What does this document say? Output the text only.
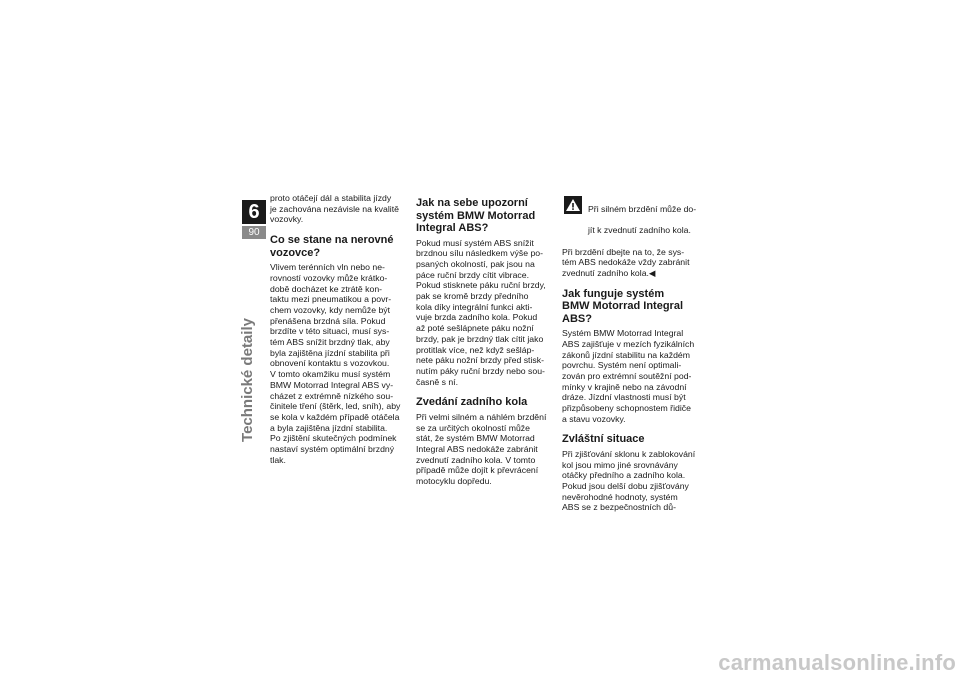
6
90
Technické detaily

proto otáčejí dál a stabilita jízdy
je zachována nezávisle na kvalitě
vozovky.

Co se stane na nerovné
vozovce?

Vlivem terénních vln nebo ne-
rovností vozovky může krátko-
době docházet ke ztrátě kon-
taktu mezi pneumatikou a povr-
chem vozovky, kdy nemůže být
přenášena brzdná síla. Pokud
brzdíte v této situaci, musí sys-
tém ABS snížit brzdný tlak, aby
byla zajištěna jízdní stabilita při
obnovení kontaktu s vozovkou.
V tomto okamžiku musí systém
BMW Motorrad Integral ABS vy-
cházet z extrémně nízkého sou-
činitele tření (štěrk, led, sníh), aby
se kola v každém případě otáčela
a byla zajištěna jízdní stabilita.
Po zjištění skutečných podmínek
nastaví systém optimální brzdný
tlak.

Jak na sebe upozorní
systém BMW Motorrad
Integral ABS?

Pokud musí systém ABS snížit
brzdnou sílu následkem výše po-
psaných okolností, pak jsou na
páce ruční brzdy cítit vibrace.
Pokud stisknete páku ruční brzdy,
pak se kromě brzdy předního
kola díky integrální funkci akti-
vuje brzda zadního kola. Pokud
až poté sešlápnete páku nožní
brzdy, pak je brzdný tlak cítit jako
protitlak více, než když sešláp-
nete páku nožní brzdy před stisk-
nutím páky ruční brzdy nebo sou-
časně s ní.

Zvedání zadního kola

Při velmi silném a náhlém brzdění
se za určitých okolností může
stát, že systém BMW Motorrad
Integral ABS nedokáže zabránit
zvednutí zadního kola. V tomto
případě může dojít k převrácení
motocyklu dopředu.

Při silném brzdění může do-

jít k zvednutí zadního kola.

Při brzdění dbejte na to, že sys-
tém ABS nedokáže vždy zabránit
zvednutí zadního kola.◀

Jak funguje systém
BMW Motorrad Integral
ABS?

Systém BMW Motorrad Integral
ABS zajišťuje v mezích fyzikálních
zákonů jízdní stabilitu na každém
povrchu. Systém není optimali-
zován pro extrémní soutěžní pod-
mínky v krajině nebo na závodní
dráze. Jízdní vlastnosti musí být
přizpůsobeny schopnostem řidiče
a stavu vozovky.

Zvláštní situace

Při zjišťování sklonu k zablokování
kol jsou mimo jiné srovnávány
otáčky předního a zadního kola.
Pokud jsou delší dobu zjišťovány
nevěrohodné hodnoty, systém
ABS se z bezpečnostních dů-

carmanualsonline.info
